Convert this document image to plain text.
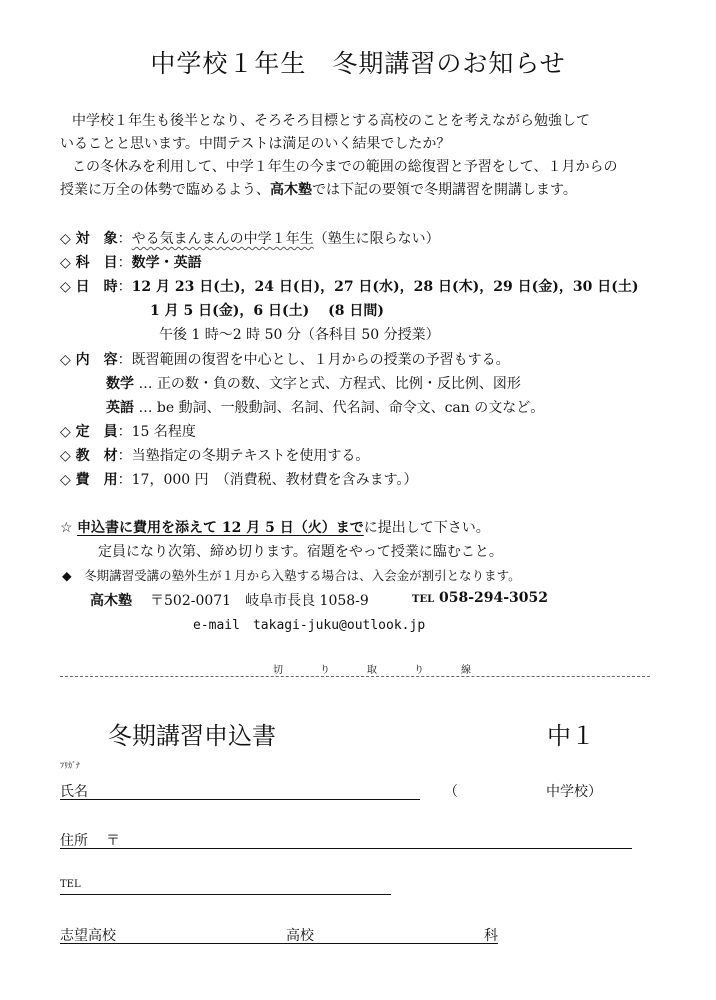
中学校１年生　冬期講習のお知らせ
中学校１年生も後半となり、そろそろ目標とする高校のことを考えながら勉強して
いることと思います。中間テストは満足のいく結果でしたか？
この冬休みを利用して、中学１年生の今までの範囲の総復習と予習をして、１月からの
授業に万全の体勢で臨めるよう、高木塾では下記の要領で冬期講習を開講します。
◇ 対　象：やる気まんまんの中学１年生（塾生に限らない）
◇ 科　目：数学・英語
◇ 日　時：12 月 23 日(土)，24 日(日)，27 日(水)，28 日(木)，29 日(金)，30 日(土)
1 月 5 日(金)，6 日(土)　 (8 日間)
午後 1 時～2 時 50 分（各科目 50 分授業）
◇ 内　容：既習範囲の復習を中心とし、１月からの授業の予習もする。
数学 … 正の数・負の数、文字と式、方程式、比例・反比例、図形
英語 … be 動詞、一般動詞、名詞、代名詞、命令文、can の文など。
◇ 定　員：15 名程度
◇ 教　材：当塾指定の冬期テキストを使用する。
◇ 費　用：17，000 円　（消費税、教材費を含みます。）
☆ 申込書に費用を添えて 12 月 5 日（火）までに提出して下さい。
定員になり次第、締め切ります。宿題をやって授業に臨むこと。
◆　冬期講習受講の塾外生が１月から入塾する場合は、入会金が割引となります。
高木塾 〒502-0071　岐阜市長良 1058-9	TEL 058-294-3052
e-mail　takagi-juku@outlook.jp
切	り	取	り	線
冬期講習申込書	中１
ﾌﾘｶﾞﾅ
氏名	（	中学校）
住所 〒
TEL
志望高校	高校	科
